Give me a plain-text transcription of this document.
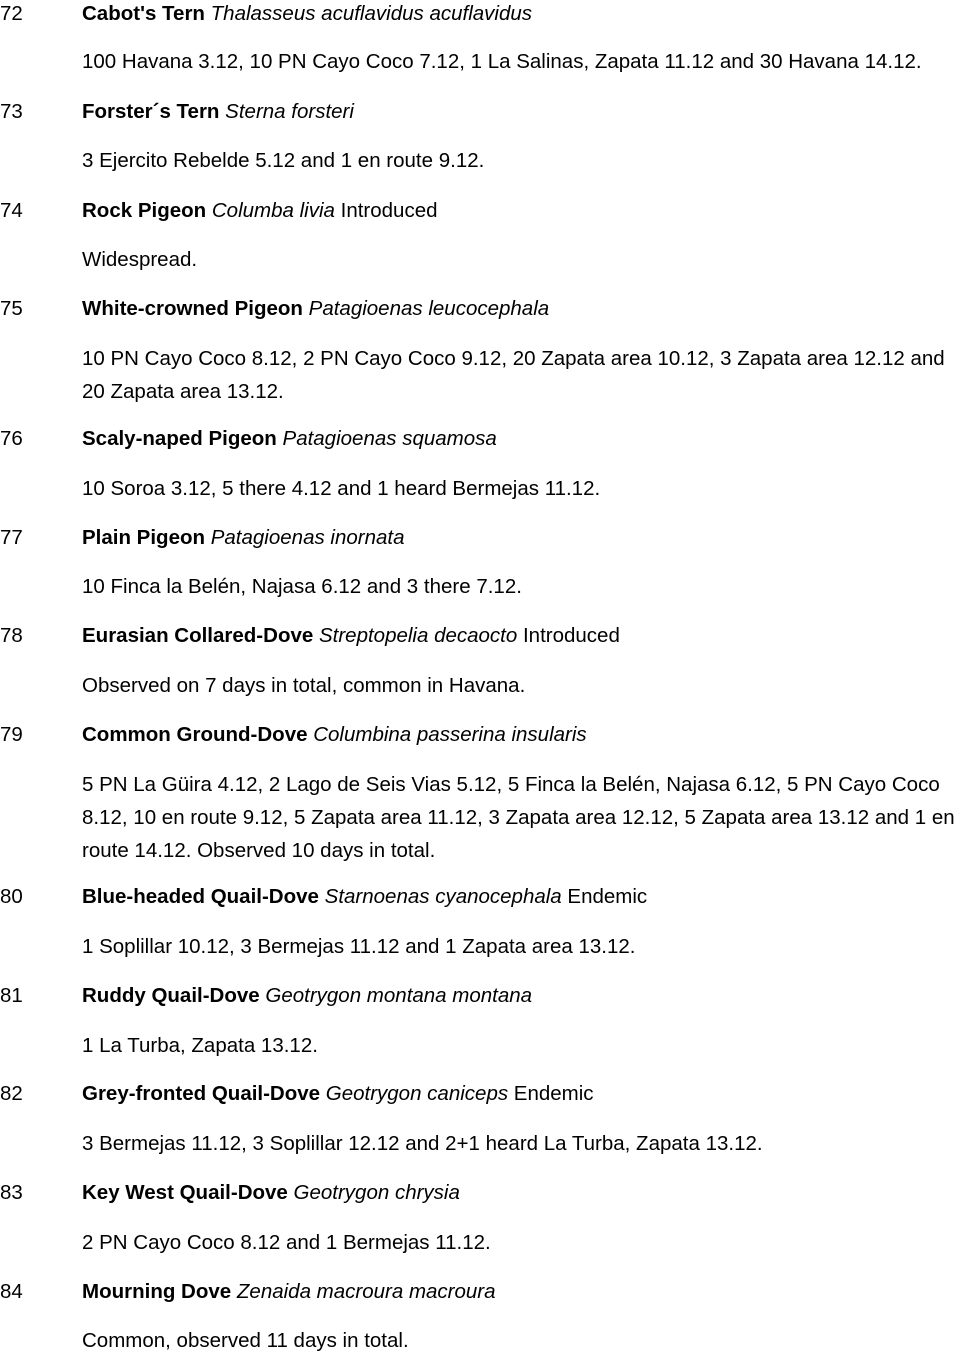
72	Cabot's Tern Thalasseus acuflavidus acuflavidus
100 Havana 3.12, 10 PN Cayo Coco 7.12, 1 La Salinas, Zapata 11.12 and 30 Havana 14.12.
73	Forster´s Tern Sterna forsteri
3 Ejercito Rebelde 5.12 and 1 en route 9.12.
74	Rock Pigeon Columba livia Introduced
Widespread.
75	White-crowned Pigeon Patagioenas leucocephala
10 PN Cayo Coco 8.12, 2 PN Cayo Coco 9.12, 20 Zapata area 10.12, 3 Zapata area 12.12 and 20 Zapata area 13.12.
76	Scaly-naped Pigeon Patagioenas squamosa
10 Soroa 3.12, 5 there 4.12 and 1 heard Bermejas 11.12.
77	Plain Pigeon Patagioenas inornata
10 Finca la Belén, Najasa 6.12 and 3 there 7.12.
78	Eurasian Collared-Dove Streptopelia decaocto Introduced
Observed on 7 days in total, common in Havana.
79	Common Ground-Dove Columbina passerina insularis
5 PN La Güira 4.12, 2 Lago de Seis Vias 5.12, 5 Finca la Belén, Najasa 6.12, 5 PN Cayo Coco 8.12, 10 en route 9.12, 5 Zapata area 11.12, 3 Zapata area 12.12, 5 Zapata area 13.12 and 1 en route 14.12. Observed 10 days in total.
80	Blue-headed Quail-Dove Starnoenas cyanocephala Endemic
1 Soplillar 10.12, 3 Bermejas 11.12 and 1 Zapata area 13.12.
81	Ruddy Quail-Dove Geotrygon montana montana
1 La Turba, Zapata 13.12.
82	Grey-fronted Quail-Dove Geotrygon caniceps Endemic
3 Bermejas 11.12, 3 Soplillar 12.12 and 2+1 heard La Turba, Zapata 13.12.
83	Key West Quail-Dove Geotrygon chrysia
2 PN Cayo Coco 8.12 and 1 Bermejas 11.12.
84	Mourning Dove Zenaida macroura macroura
Common, observed 11 days in total.
